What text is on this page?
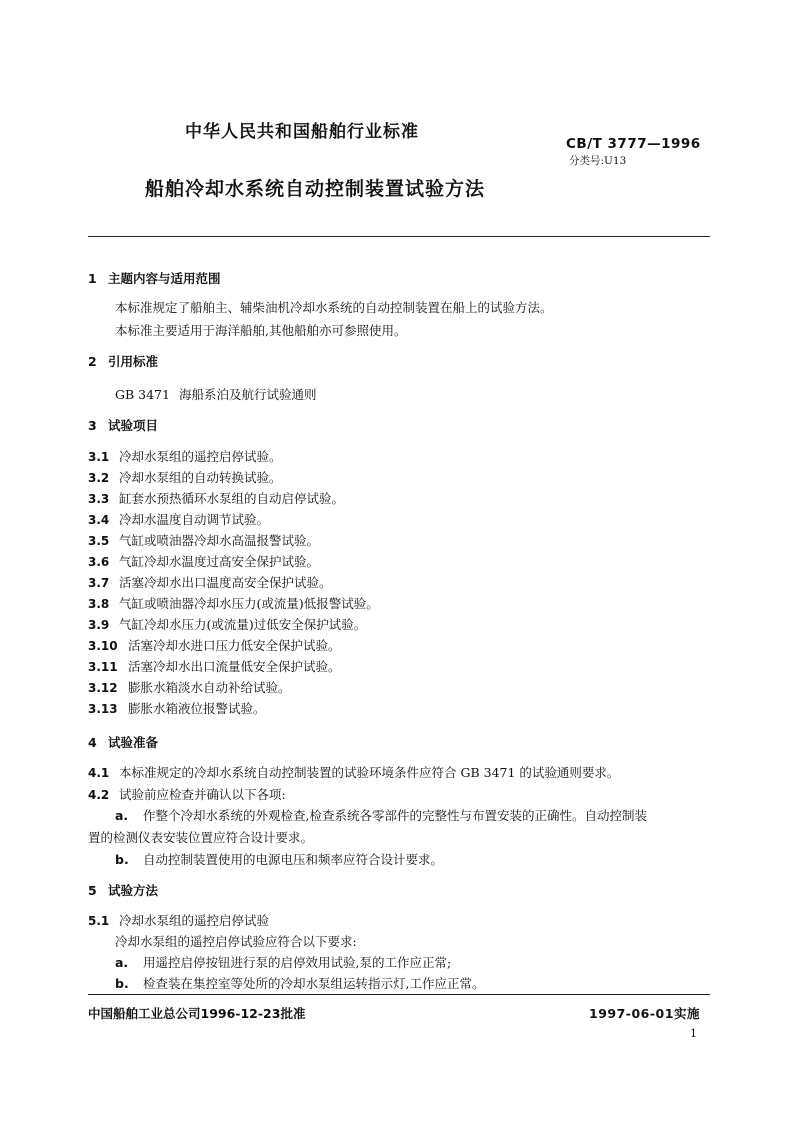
中华人民共和国船舶行业标准
CB/T 3777—1996
分类号:U13
船舶冷却水系统自动控制装置试验方法
1 主题内容与适用范围
本标准规定了船舶主、辅柴油机冷却水系统的自动控制装置在船上的试验方法。
本标准主要适用于海洋船舶,其他船舶亦可参照使用。
2 引用标准
GB 3471 海船系泊及航行试验通则
3 试验项目
3.1 冷却水泵组的遥控启停试验。
3.2 冷却水泵组的自动转换试验。
3.3 缸套水预热循环水泵组的自动启停试验。
3.4 冷却水温度自动调节试验。
3.5 气缸或喷油器冷却水高温报警试验。
3.6 气缸冷却水温度过高安全保护试验。
3.7 活塞冷却水出口温度高安全保护试验。
3.8 气缸或喷油器冷却水压力(或流量)低报警试验。
3.9 气缸冷却水压力(或流量)过低安全保护试验。
3.10 活塞冷却水进口压力低安全保护试验。
3.11 活塞冷却水出口流量低安全保护试验。
3.12 膨胀水箱淡水自动补给试验。
3.13 膨胀水箱液位报警试验。
4 试验准备
4.1 本标准规定的冷却水系统自动控制装置的试验环境条件应符合 GB 3471 的试验通则要求。
4.2 试验前应检查并确认以下各项:
a. 作整个冷却水系统的外观检查,检查系统各零部件的完整性与布置安装的正确性。自动控制装
置的检测仪表安装位置应符合设计要求。
b. 自动控制装置使用的电源电压和频率应符合设计要求。
5 试验方法
5.1 冷却水泵组的遥控启停试验
冷却水泵组的遥控启停试验应符合以下要求:
a. 用遥控启停按钮进行泵的启停效用试验,泵的工作应正常;
b. 检查装在集控室等处所的冷却水泵组运转指示灯,工作应正常。
中国船舶工业总公司1996-12-23批准	1997-06-01实施
1
